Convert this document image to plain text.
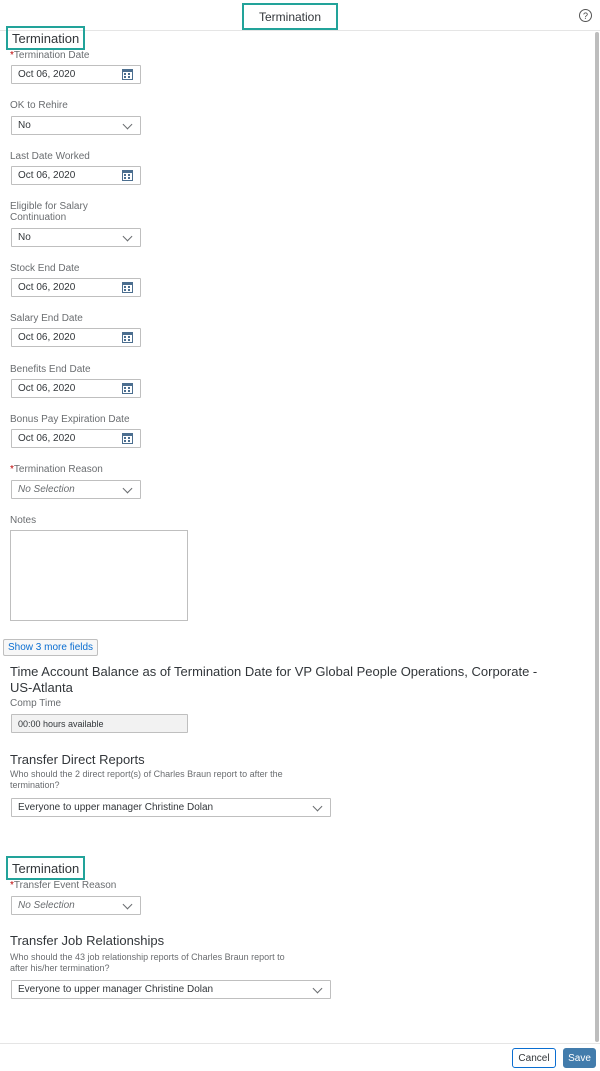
Termination	?
Termination
*Termination Date
Oct 06, 2020
OK to Rehire
No
Last Date Worked
Oct 06, 2020
Eligible for Salary
Continuation
No
Stock End Date
Oct 06, 2020
Salary End Date
Oct 06, 2020
Benefits End Date
Oct 06, 2020
Bonus Pay Expiration Date
Oct 06, 2020
*Termination Reason
No Selection
Notes
Show 3 more fields
Time Account Balance as of Termination Date for VP Global People Operations, Corporate -
US-Atlanta
Comp Time
00:00 hours available
Transfer Direct Reports
Who should the 2 direct report(s) of Charles Braun report to after the
termination?
Everyone to upper manager Christine Dolan
Termination
*Transfer Event Reason
No Selection
Transfer Job Relationships
Who should the 43 job relationship reports of Charles Braun report to
after his/her termination?
Everyone to upper manager Christine Dolan
Cancel	Save
